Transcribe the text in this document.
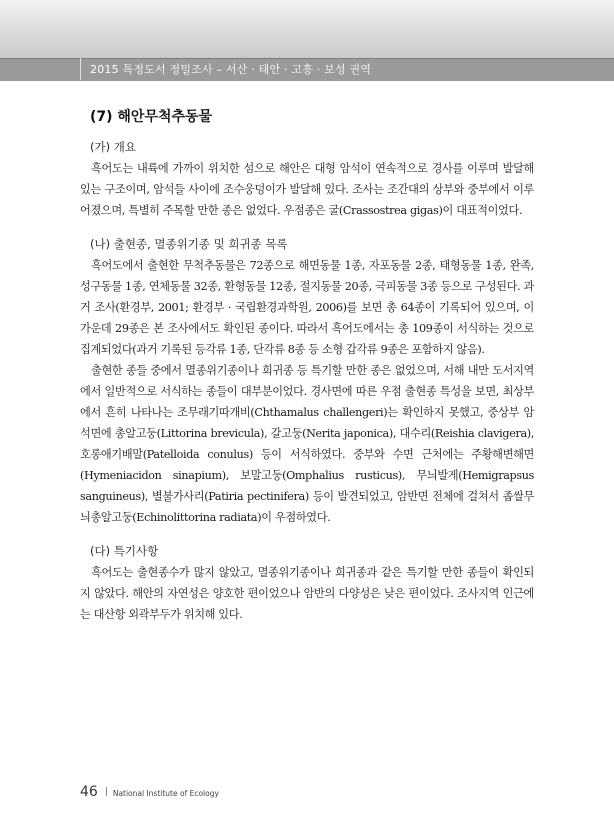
2015 특정도서 정밀조사 – 서산 · 태안 · 고흥 · 보성 권역
(7) 해안무척추동물

(가) 개요

흑어도는 내륙에 가까이 위치한 섬으로 해안은 대형 암석이 연속적으로 경사를 이루며 발달해있는 구조이며, 암석들 사이에 조수웅덩이가 발달해 있다. 조사는 조간대의 상부와 중부에서 이루어졌으며, 특별히 주목할 만한 종은 없었다. 우점종은 굴(Crassostrea gigas)이 대표적이었다.

(나) 출현종, 멸종위기종 및 희귀종 목록

흑어도에서 출현한 무척추동물은 72종으로 해면동물 1종, 자포동물 2종, 태형동물 1종, 완족, 성구동물 1종, 연체동물 32종, 환형동물 12종, 절지동물 20종, 극피동물 3종 등으로 구성된다. 과거 조사(환경부, 2001; 환경부 · 국립환경과학원, 2006)를 보면 총 64종이 기록되어 있으며, 이 가운데 29종은 본 조사에서도 확인된 종이다. 따라서 흑어도에서는 총 109종이 서식하는 것으로 집계되었다(과거 기록된 등각류 1종, 단각류 8종 등 소형 갑각류 9종은 포함하지 않음).

출현한 종들 중에서 멸종위기종이나 희귀종 등 특기할 만한 종은 없었으며, 서해 내만 도서지역에서 일반적으로 서식하는 종들이 대부분이었다. 경사면에 따른 우점 출현종 특성을 보면, 최상부에서 흔히 나타나는 조무래기따개비(Chthamalus challengeri)는 확인하지 못했고, 중상부 암석면에 총알고둥(Littorina brevicula), 갈고둥(Nerita japonica), 대수리(Reishia clavigera), 호롱애기배말(Patelloida conulus) 등이 서식하였다. 중부와 수면 근처에는 주황해변해면(Hymeniacidon sinapium), 보말고둥(Omphalius rusticus), 무늬발게(Hemigrapsus sanguineus), 별불가사리(Patiria pectinifera) 등이 발견되었고, 암반면 전체에 걸쳐서 좁쌀무늬총알고둥(Echinolittorina radiata)이 우점하였다.

(다) 특기사항

흑어도는 출현종수가 많지 않았고, 멸종위기종이나 희귀종과 같은 특기할 만한 종들이 확인되지 않았다. 해안의 자연성은 양호한 편이었으나 암반의 다양성은 낮은 편이었다. 조사지역 인근에는 대산항 외곽부두가 위치해 있다.

46 National Institute of Ecology
